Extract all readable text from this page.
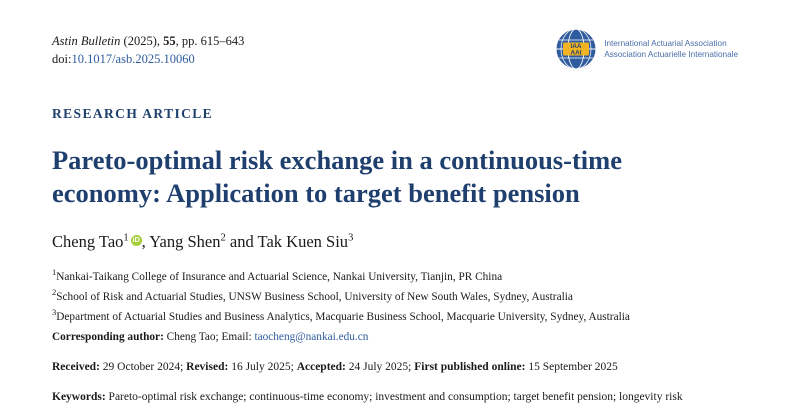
Astin Bulletin (2025), 55, pp. 615–643
doi:10.1017/asb.2025.10060
IAA
AAI
International Actuarial Association
Association Actuarielle Internationale
RESEARCH ARTICLE
Pareto-optimal risk exchange in a continuous-time economy: Application to target benefit pension
Cheng Tao$^1$ iD , Yang Shen$^2$ and Tak Kuen Siu$^3$
$^1$Nankai-Taikang College of Insurance and Actuarial Science, Nankai University, Tianjin, PR China
$^2$School of Risk and Actuarial Studies, UNSW Business School, University of New South Wales, Sydney, Australia
$^3$Department of Actuarial Studies and Business Analytics, Macquarie Business School, Macquarie University, Sydney, Australia
Corresponding author: Cheng Tao; Email: taocheng@nankai.edu.cn
Received: 29 October 2024; Revised: 16 July 2025; Accepted: 24 July 2025; First published online: 15 September 2025
Keywords: Pareto-optimal risk exchange; continuous-time economy; investment and consumption; target benefit pension; longevity risk
